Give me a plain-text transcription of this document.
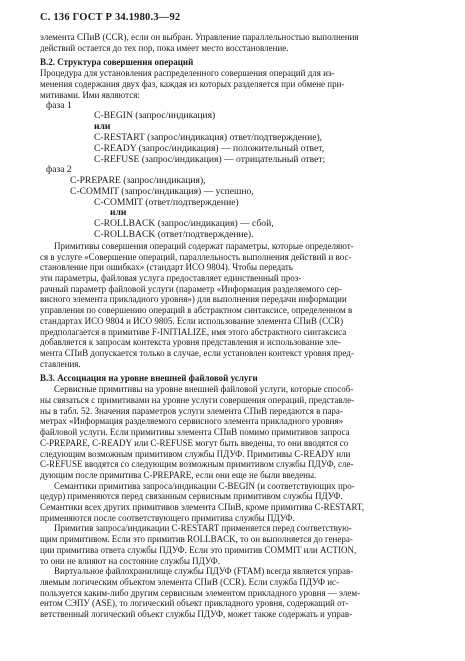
С. 136 ГОСТ Р 34.1980.3—92
элемента СПиВ (CCR), если он выбран. Управление параллельностью выполнения
действий остается до тех пор, пока имеет место восстановление.
В.2. Структура совершения операций
Процедура для установления распределенного совершения операций для из-
менения содержания двух фаз, каждая из которых разделяется при обмене при-
митивами. Ими являются:
фаза 1
C-BEGIN (запрос/индикация)
или
C-RESTART (запрос/индикация) ответ/подтверждение),
C-READY (запрос/индикация) — положительный ответ,
C-REFUSE (запрос/индикация) — отрицательный ответ;
фаза 2
C-PREPARE (запрос/индикация),
C-COMMIT (запрос/индикация) — успешно,
C-COMMIT (ответ/подтверждение)
или
C-ROLLBACK (запрос/индикация) — сбой,
C-ROLLBACK (ответ/подтверждение).
Примитивы совершения операций содержат параметры, которые определяют-
ся в услуге «Совершение операций, параллельность выполнения действий и вос-
становление при ошибках» (стандарт ИСО 9804). Чтобы передать
эти параметры, файловая услуга предоставляет единственный проз-
рачный параметр файловой услуги (параметр «Информация разделяемого сер-
висного элемента прикладного уровня») для выполнения передачи информации
управления по совершению операций в абстрактном синтаксисе, определенном в
стандартах ИСО 9804 и ИСО 9805. Если использование элемента СПиВ (CCR)
предполагается в примитиве F-INITIALIZE, имя этого абстрактного синтаксиса
добавляется к запросам контекста уровня представления и использование эле-
мента СПиВ допускается только в случае, если установлен контекст уровня пред-
ставления.
В.3. Ассоциация на уровне внешней файловой услуги
Сервисные примитивы на уровне внешней файловой услуги, которые способ-
ны связаться с примитивами на уровне услуги совершения операций, представле-
ны в табл. 52. Значения параметров услуги элемента СПиВ передаются в пара-
метрах «Информация разделяемого сервисного элемента прикладного уровня»
файловой услуги. Если примитивы элемента СПиВ помимо примитивов запроса
C-PREPARE, C-READY или C-REFUSE могут быть введены, то они вводятся со
следующим возможным примитивом службы ПДУФ. Примитивы C-READY или
C-REFUSE вводятся со следующим возможным примитивом службы ПДУФ, сле-
дующим после примитива C-PREPARE, если они еще не были введены.
Семантики примитива запроса/индикации C-BEGIN (и соответствующих про-
цедур) применяются перед связанным сервисным примитивом службы ПДУФ.
Семантики всех других примитивов элемента СПиВ, кроме примитива C-RESTART,
применяются после соответствующего примитива службы ПДУФ.
Примитив запроса/индикации C-RESTART применяется перед соответствую-
щим примитивом. Если это примитив ROLLBACK, то он выполняется до генера-
ции примитива ответа службы ПДУФ. Если это примитив COMMIT или ACTION,
то они не влияют на состояние службы ПДУФ.
Виртуальное файлохранилище службы ПДУФ (FTAM) всегда является управ-
ляемым логическим объектом элемента СПиВ (CCR). Если служба ПДУФ ис-
пользуется каким-либо другим сервисным элементом прикладного уровня — элем-
ентом СЭПУ (ASE), то логический объект прикладного уровня, содержащий от-
ветственный логический объект службы ПДУФ, может также содержать и управ-
